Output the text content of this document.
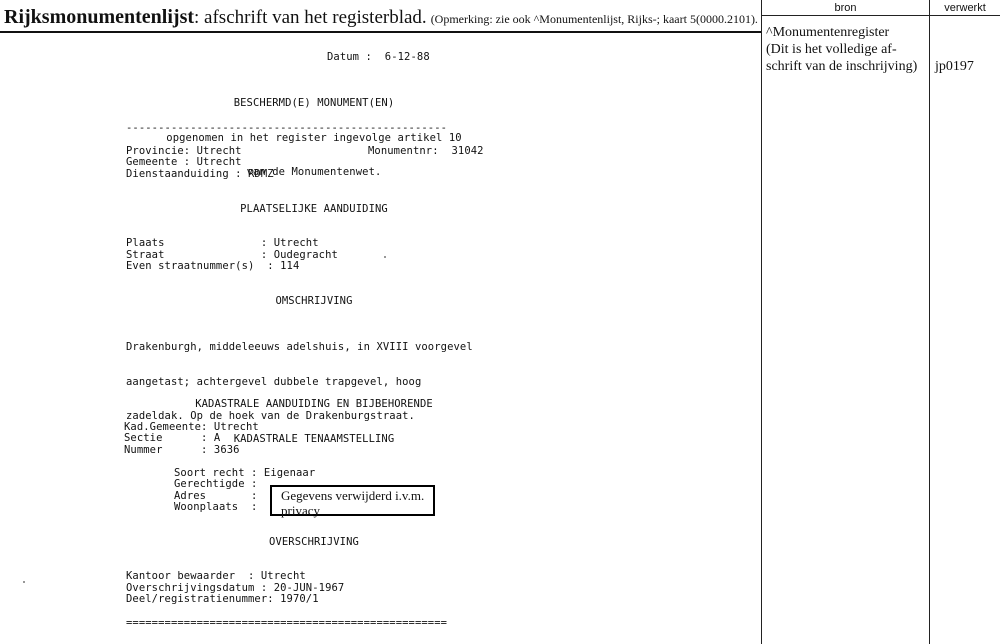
Rijksmonumentenlijst: afschrift van het registerblad. (Opmerking: zie ook ^Monumentenlijst, Rijks-; kaart 5(0000.2101).
bron	verwerkt
^Monumentenregister
(Dit is het volledige af-
schrift van de inschrijving) jp0197
Datum :  6-12-88

BESCHERMD(E) MONUMENT(EN)

opgenomen in het register ingevolge artikel 10

van de Monumentenwet.

--------------------------------------------------
Provincie: Utrecht	Monumentnr:  31042
Gemeente : Utrecht
Dienstaanduiding : RDMZ
PLAATSELIJKE AANDUIDING
Plaats               : Utrecht
Straat               : Oudegracht
Even straatnummer(s)  : 114
OMSCHRIJVING

Drakenburgh, middeleeuws adelshuis, in XVIII voorgevel

aangetast; achtergevel dubbele trapgevel, hoog

zadeldak. Op de hoek van de Drakenburgstraat.

KADASTRALE AANDUIDING EN BIJBEHORENDE

KADASTRALE TENAAMSTELLING

Kad.Gemeente: Utrecht
Sectie      : A
Nummer      : 3636
Soort recht : Eigenaar
Gerechtigde :
Adres       :
Woonplaats  :
Gegevens verwijderd i.v.m.
privacy
OVERSCHRIJVING
Kantoor bewaarder  : Utrecht
Overschrijvingsdatum : 20-JUN-1967
Deel/registratienummer: 1970/1
==================================================
